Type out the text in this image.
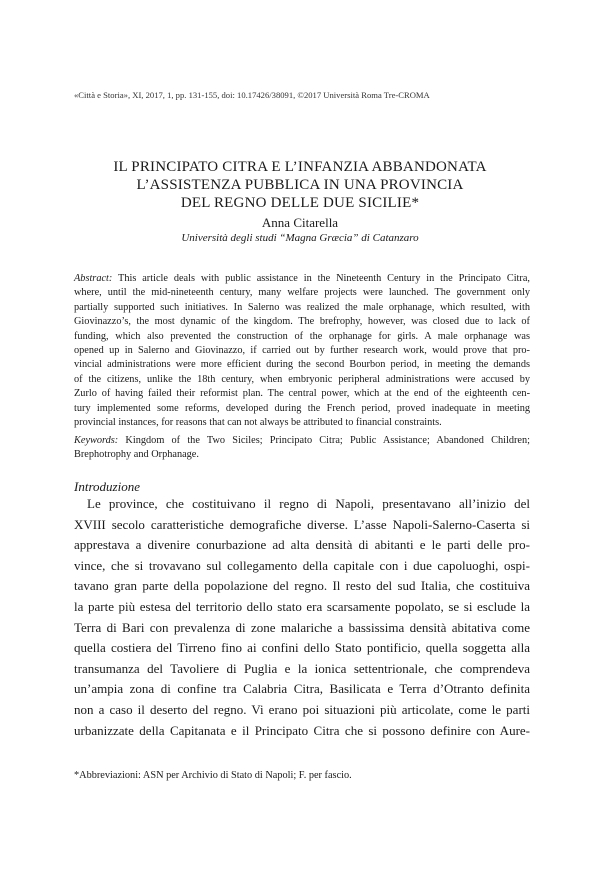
«Città e Storia», XI, 2017, 1, pp. 131-155, doi: 10.17426/38091, ©2017 Università Roma Tre-CROMA
IL PRINCIPATO CITRA E L’INFANZIA ABBANDONATA
L’ASSISTENZA PUBBLICA IN UNA PROVINCIA
DEL REGNO DELLE DUE SICILIE*
Anna Citarella
Università degli studi “Magna Græcia” di Catanzaro
Abstract: This article deals with public assistance in the Nineteenth Century in the Principato Citra,
where, until the mid-nineteenth century, many welfare projects were launched. The government only
partially supported such initiatives. In Salerno was realized the male orphanage, which resulted, with
Giovinazzo’s, the most dynamic of the kingdom. The brefrophy, however, was closed due to lack of
funding, which also prevented the construction of the orphanage for girls. A male orphanage was
opened up in Salerno and Giovinazzo, if carried out by further research work, would prove that pro-
vincial administrations were more efficient during the second Bourbon period, in meeting the demands
of the citizens, unlike the 18th century, when embryonic peripheral administrations were accused by
Zurlo of having failed their reformist plan. The central power, which at the end of the eighteenth cen-
tury implemented some reforms, developed during the French period, proved inadequate in meeting
provincial instances, for reasons that can not always be attributed to financial constraints.
Keywords: Kingdom of the Two Siciles; Principato Citra; Public Assistance; Abandoned Children;
Brephotrophy and Orphanage.
Introduzione
Le province, che costituivano il regno di Napoli, presentavano all’inizio del
XVIII secolo caratteristiche demografiche diverse. L’asse Napoli-Salerno-Caserta si
apprestava a divenire conurbazione ad alta densità di abitanti e le parti delle pro-
vince, che si trovavano sul collegamento della capitale con i due capoluoghi, ospi-
tavano gran parte della popolazione del regno. Il resto del sud Italia, che costituiva
la parte più estesa del territorio dello stato era scarsamente popolato, se si esclude la
Terra di Bari con prevalenza di zone malariche a bassissima densità abitativa come
quella costiera del Tirreno fino ai confini dello Stato pontificio, quella soggetta alla
transumanza del Tavoliere di Puglia e la ionica settentrionale, che comprendeva
un’ampia zona di confine tra Calabria Citra, Basilicata e Terra d’Otranto definita
non a caso il deserto del regno. Vi erano poi situazioni più articolate, come le parti
urbanizzate della Capitanata e il Principato Citra che si possono definire con Aure-
*Abbreviazioni: ASN per Archivio di Stato di Napoli; F. per fascio.
